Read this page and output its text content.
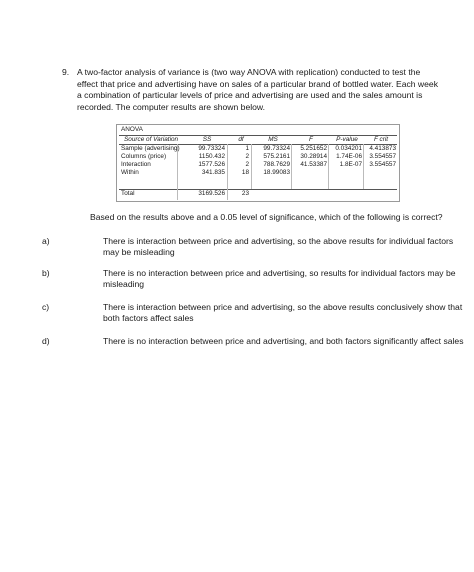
9. A two-factor analysis of variance is (two way ANOVA with replication) conducted to test the
effect that price and advertising have on sales of a particular brand of bottled water. Each week
a combination of particular levels of price and advertising are used and the sales amount is
recorded. The computer results are shown below.
ANOVA
Source of Variation	SS	df	MS	F	P-value	F crit
Sample (advertising)	99.73324	1	99.73324	5.251652	0.034201	4.413873
Columns (price)	1150.432	2	575.2161	30.28914	1.74E-06	3.554557
Interaction	1577.526	2	788.7629	41.53387	1.8E-07	3.554557
Within	341.835	18	18.99083
Total	3169.526	23
Based on the results above and a 0.05 level of significance, which of the following is correct?
a)	There is interaction between price and advertising, so the above results for individual factors
may be misleading
b)	There is no interaction between price and advertising, so results for individual factors may be
misleading
c)	There is interaction between price and advertising, so the above results conclusively show that
both factors affect sales
d)	There is no interaction between price and advertising, and both factors significantly affect sales
